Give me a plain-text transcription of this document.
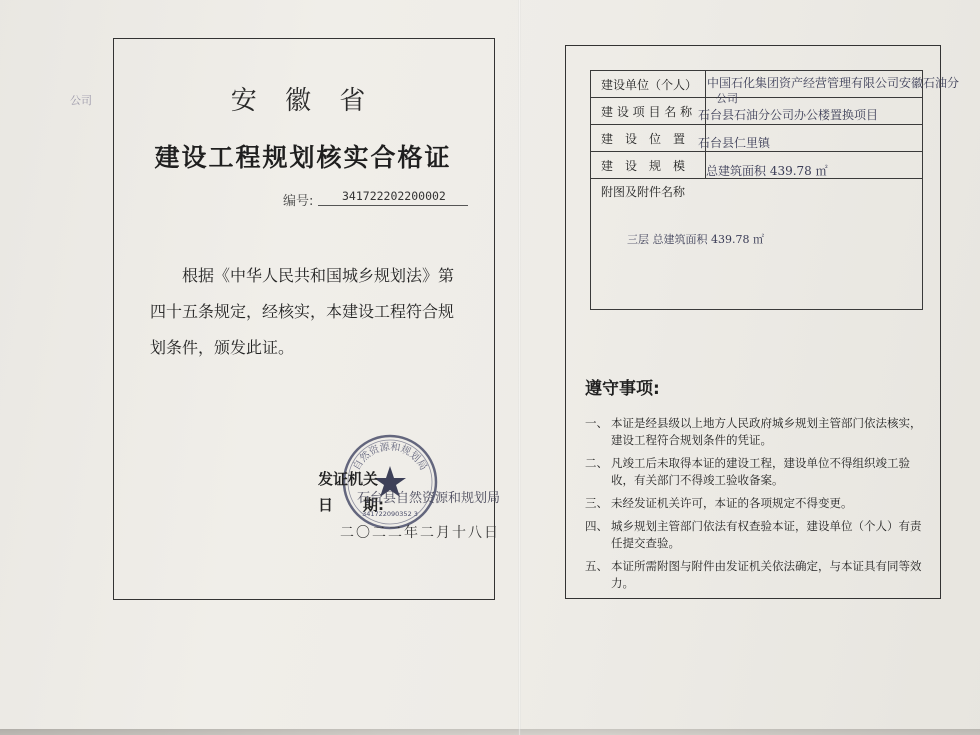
公司	安 徽 省
建设工程规划核实合格证
编号: 341722202200002
根据《中华人民共和国城乡规划法》第
四十五条规定，经核实，本建设工程符合规
划条件，颁发此证。
自然资源和规划局
341722090352 3
发证机关
日　　期:
石台县自然资源和规划局
二〇二二年二月十八日
建设单位（个人）	中国石化集团资产经营管理有限公司安徽石油分
公司

建 设 项 目 名 称	石台县石油分公司办公楼置换项目

建　设　位　置	石台县仁里镇

建　设　规　模	总建筑面积 439.78 ㎡

附图及附件名称
三层 总建筑面积 439.78 ㎡	
遵守事项:
一、 本证是经县级以上地方人民政府城乡规划主管部门依法核实，建设工程符合规划条件的凭证。
二、 凡竣工后未取得本证的建设工程，建设单位不得组织竣工验收，有关部门不得竣工验收备案。
三、 未经发证机关许可，本证的各项规定不得变更。
四、 城乡规划主管部门依法有权查验本证，建设单位（个人）有责任提交查验。
五、 本证所需附图与附件由发证机关依法确定，与本证具有同等效力。
